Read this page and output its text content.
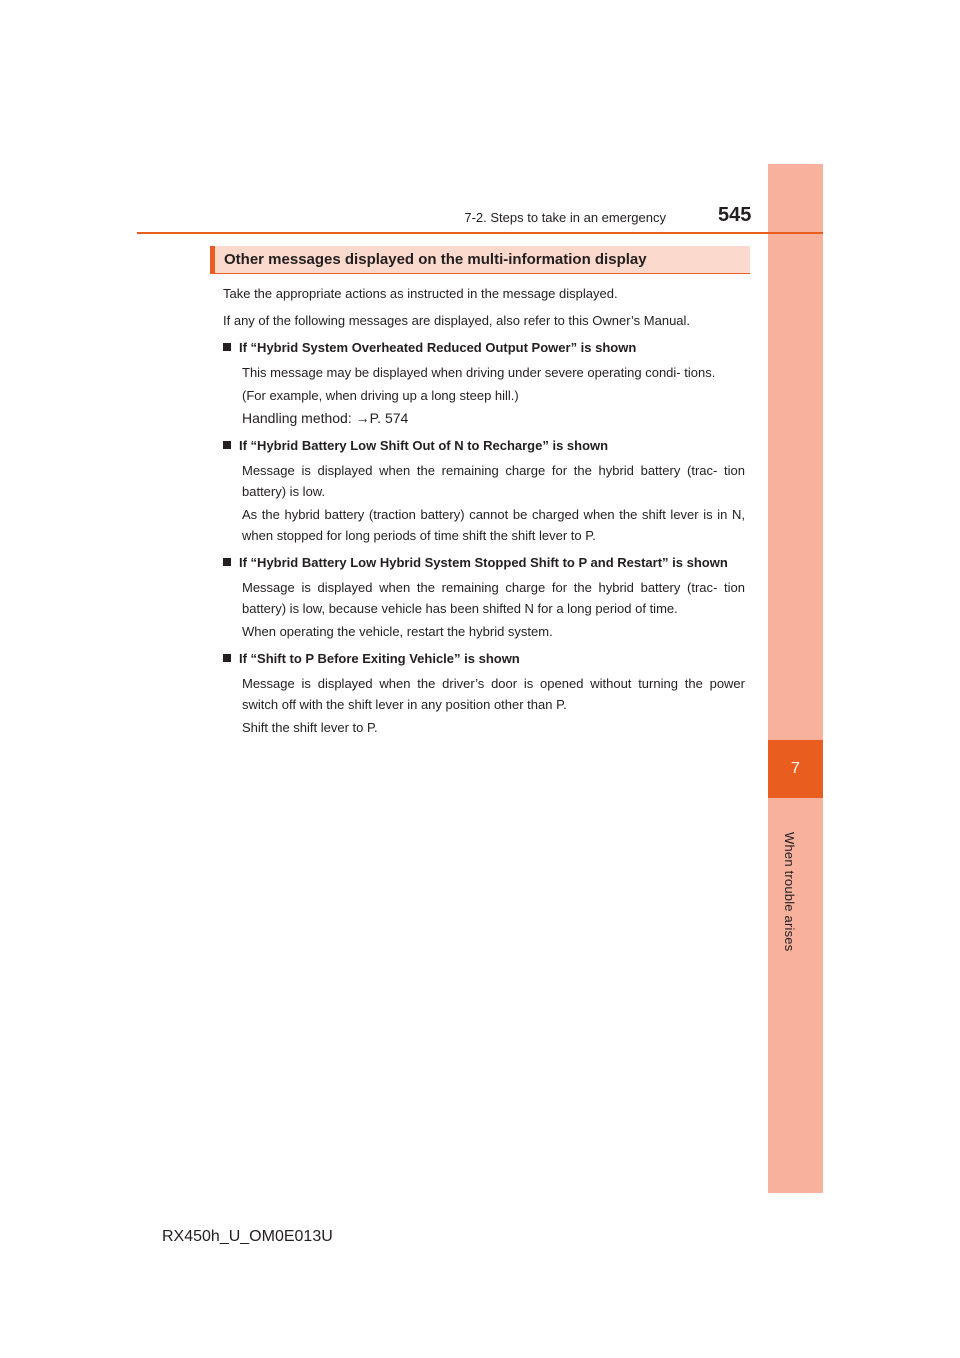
7
When trouble arises
7-2. Steps to take in an emergency	545
Other messages displayed on the multi-information display

Take the appropriate actions as instructed in the message displayed.

If any of the following messages are displayed, also refer to this Owner’s Manual.

If “Hybrid System Overheated Reduced Output Power” is shown
This message may be displayed when driving under severe operating condi- tions.
(For example, when driving up a long steep hill.)
Handling method: →P. 574
If “Hybrid Battery Low Shift Out of N to Recharge” is shown
Message is displayed when the remaining charge for the hybrid battery (trac- tion battery) is low.
As the hybrid battery (traction battery) cannot be charged when the shift lever is in N, when stopped for long periods of time shift the shift lever to P.
If “Hybrid Battery Low Hybrid System Stopped Shift to P and Restart” is shown
Message is displayed when the remaining charge for the hybrid battery (trac- tion battery) is low, because vehicle has been shifted N for a long period of time.
When operating the vehicle, restart the hybrid system.
If “Shift to P Before Exiting Vehicle” is shown
Message is displayed when the driver’s door is opened without turning the power switch off with the shift lever in any position other than P.
Shift the shift lever to P.
RX450h_U_OM0E013U
